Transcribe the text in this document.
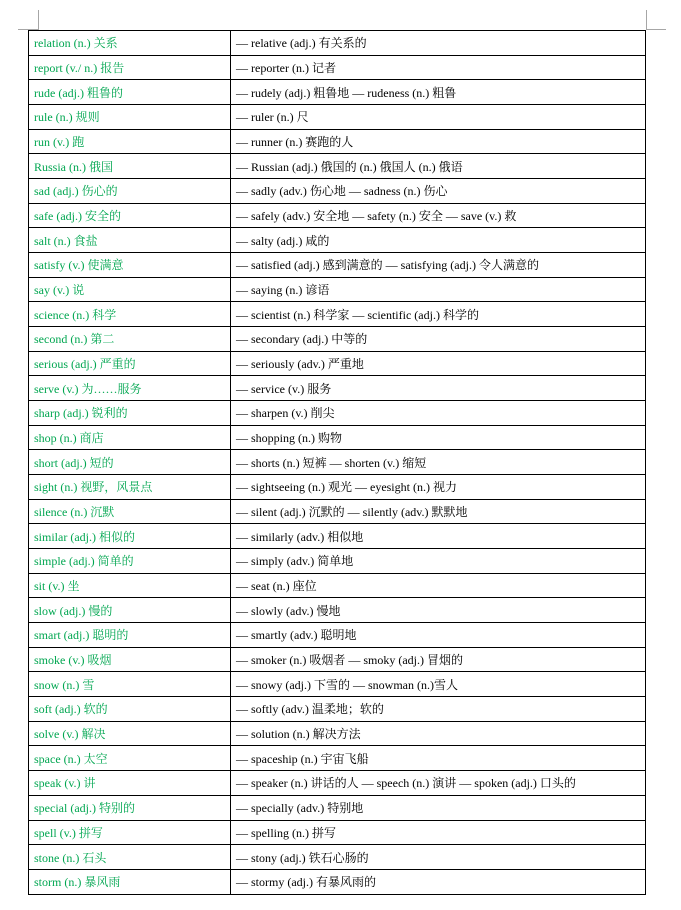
relation (n.) 关系	— relative (adj.) 有关系的
report (v./ n.) 报告	— reporter (n.) 记者
rude (adj.) 粗鲁的	— rudely (adj.) 粗鲁地 — rudeness (n.) 粗鲁
rule (n.) 规则	— ruler (n.) 尺
run (v.) 跑	— runner (n.) 赛跑的人
Russia (n.) 俄国	— Russian (adj.) 俄国的 (n.) 俄国人 (n.) 俄语
sad (adj.) 伤心的	— sadly (adv.) 伤心地 — sadness (n.) 伤心
safe (adj.) 安全的	— safely (adv.) 安全地 — safety (n.) 安全 — save (v.) 救
salt (n.) 食盐	— salty (adj.) 咸的
satisfy (v.) 使满意	— satisfied (adj.) 感到满意的 — satisfying (adj.) 令人满意的
say (v.) 说	— saying (n.) 谚语
science (n.) 科学	— scientist (n.) 科学家 — scientific (adj.) 科学的
second (n.) 第二	— secondary (adj.) 中等的
serious (adj.) 严重的	— seriously (adv.) 严重地
serve (v.) 为……服务	— service (v.) 服务
sharp (adj.) 锐利的	— sharpen (v.) 削尖
shop (n.) 商店	— shopping (n.) 购物
short (adj.) 短的	— shorts (n.) 短裤 — shorten (v.) 缩短
sight (n.) 视野，风景点	— sightseeing (n.) 观光 — eyesight (n.) 视力
silence (n.) 沉默	— silent (adj.) 沉默的 — silently (adv.) 默默地
similar (adj.) 相似的	— similarly (adv.) 相似地
simple (adj.) 简单的	— simply (adv.) 简单地
sit (v.) 坐	— seat (n.) 座位
slow (adj.) 慢的	— slowly (adv.) 慢地
smart (adj.) 聪明的	— smartly (adv.) 聪明地
smoke (v.) 吸烟	— smoker (n.) 吸烟者 — smoky (adj.) 冒烟的
snow (n.) 雪	— snowy (adj.) 下雪的 — snowman (n.)雪人
soft (adj.) 软的	— softly (adv.) 温柔地；软的
solve (v.) 解决	— solution (n.) 解决方法
space (n.) 太空	— spaceship (n.) 宇宙飞船
speak (v.) 讲	— speaker (n.) 讲话的人 — speech (n.) 演讲 — spoken (adj.) 口头的
special (adj.) 特别的	— specially (adv.) 特别地
spell (v.) 拼写	— spelling (n.) 拼写
stone (n.) 石头	— stony (adj.) 铁石心肠的
storm (n.) 暴风雨	— stormy (adj.) 有暴风雨的
